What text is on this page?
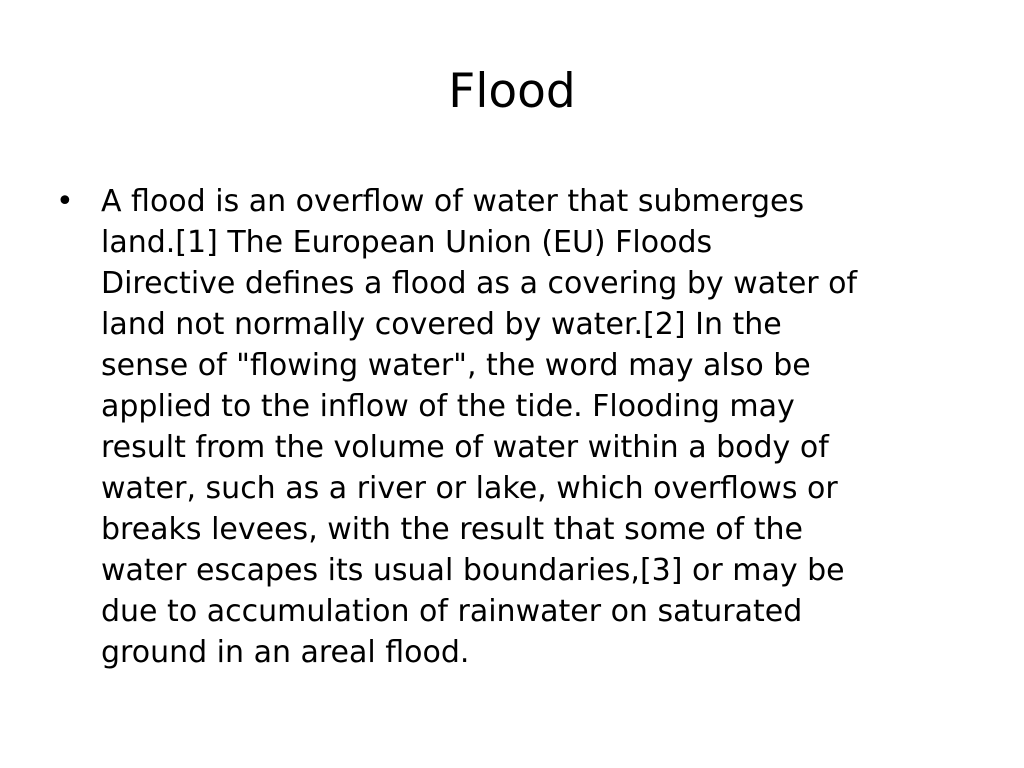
Flood
• A flood is an overflow of water that submerges
land.[1] The European Union (EU) Floods
Directive defines a flood as a covering by water of
land not normally covered by water.[2] In the
sense of "flowing water", the word may also be
applied to the inflow of the tide. Flooding may
result from the volume of water within a body of
water, such as a river or lake, which overflows or
breaks levees, with the result that some of the
water escapes its usual boundaries,[3] or may be
due to accumulation of rainwater on saturated
ground in an areal flood.
